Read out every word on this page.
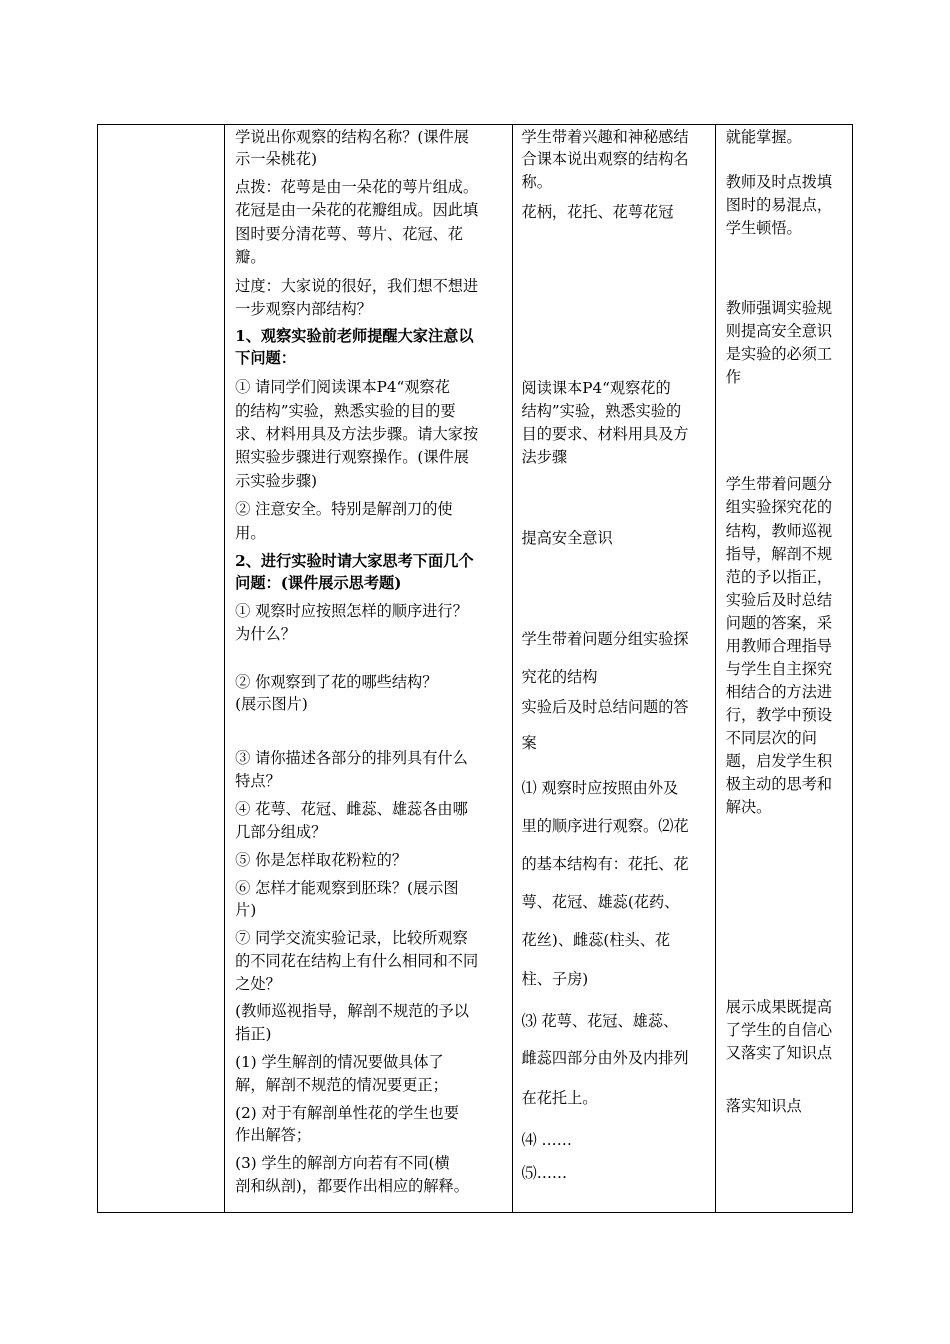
学说出你观察的结构名称？(课件展
示一朵桃花)
点拨：花萼是由一朵花的萼片组成。
花冠是由一朵花的花瓣组成。因此填
图时要分清花萼、萼片、花冠、花
瓣。
过度：大家说的很好，我们想不想进
一步观察内部结构？
1、观察实验前老师提醒大家注意以
下问题：
① 请同学们阅读课本P4“观察花
的结构”实验，熟悉实验的目的要
求、材料用具及方法步骤。请大家按
照实验步骤进行观察操作。(课件展
示实验步骤)
② 注意安全。特别是解剖刀的使
用。
2、进行实验时请大家思考下面几个
问题：(课件展示思考题)
① 观察时应按照怎样的顺序进行？
为什么？
② 你观察到了花的哪些结构？
(展示图片)
③ 请你描述各部分的排列具有什么
特点？
④ 花萼、花冠、雌蕊、雄蕊各由哪
几部分组成？
⑤ 你是怎样取花粉粒的？
⑥ 怎样才能观察到胚珠？(展示图
片)
⑦ 同学交流实验记录，比较所观察
的不同花在结构上有什么相同和不同
之处？
(教师巡视指导，解剖不规范的予以
指正)
(1) 学生解剖的情况要做具体了
解，解剖不规范的情况要更正；
(2) 对于有解剖单性花的学生也要
作出解答；
(3) 学生的解剖方向若有不同(横
剖和纵剖)，都要作出相应的解释。

学生带着兴趣和神秘感结
合课本说出观察的结构名
称。
花柄，花托、花萼花冠
阅读课本P4“观察花的
结构”实验，熟悉实验的
目的要求、材料用具及方
法步骤
提高安全意识
学生带着问题分组实验探
究花的结构
实验后及时总结问题的答
案
⑴ 观察时应按照由外及
里的顺序进行观察。⑵花
的基本结构有：花托、花
萼、花冠、雄蕊(花药、
花丝)、雌蕊(柱头、花
柱、子房)
⑶ 花萼、花冠、雄蕊、
雌蕊四部分由外及内排列
在花托上。
⑷ ……
⑸……

就能掌握。
教师及时点拨填
图时的易混点，
学生顿悟。
教师强调实验规
则提高安全意识
是实验的必须工
作
学生带着问题分
组实验探究花的
结构，教师巡视
指导，解剖不规
范的予以指正，
实验后及时总结
问题的答案，采
用教师合理指导
与学生自主探究
相结合的方法进
行，教学中预设
不同层次的问
题，启发学生积
极主动的思考和
解决。
展示成果既提高
了学生的自信心
又落实了知识点
落实知识点
